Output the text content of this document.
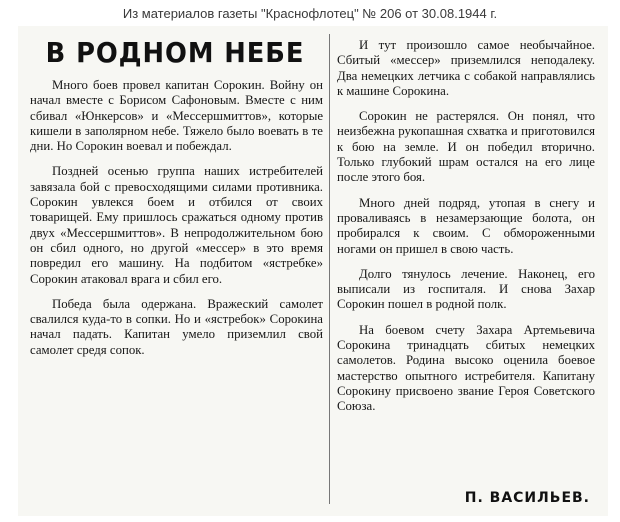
Из материалов газеты "Краснофлотец" № 206 от 30.08.1944 г.
В РОДНОМ НЕБЕ

Много боев провел капитан Сорокин. Войну он начал вместе с Борисом Сафоновым. Вместе с ним сбивал «Юнкерсов» и «Мессершмиттов», которые кишели в заполярном небе. Тяжело было воевать в те дни. Но Сорокин воевал и побеждал.

Поздней осенью группа наших истребителей завязала бой с превосходящими силами противника. Сорокин увлекся боем и отбился от своих товарищей. Ему пришлось сражаться одному против двух «Мессершмиттов». В непродолжительном бою он сбил одного, но другой «мессер» в это время повредил его машину. На подбитом «ястребке» Сорокин атаковал врага и сбил его.

Победа была одержана. Вражеский самолет свалился куда-то в сопки. Но и «ястребок» Сорокина начал падать. Капитан умело приземлил свой самолет средя сопок.

И тут произошло самое необычайное. Сбитый «мессер» приземлился неподалеку. Два немецких летчика с собакой направлялись к машине Сорокина.

Сорокин не растерялся. Он понял, что неизбежна рукопашная схватка и приготовился к бою на земле. И он победил вторично. Только глубокий шрам остался на его лице после этого боя.

Много дней подряд, утопая в снегу и проваливаясь в незамерзающие болота, он пробирался к своим. С обмороженными ногами он пришел в свою часть.

Долго тянулось лечение. Наконец, его выписали из госпиталя. И снова Захар Сорокин пошел в родной полк.

На боевом счету Захара Артемьевича Сорокина тринадцать сбитых немецких самолетов. Родина высоко оценила боевое мастерство опытного истребителя. Капитану Сорокину присвоено звание Героя Советского Союза.

П. ВАСИЛЬЕВ.
